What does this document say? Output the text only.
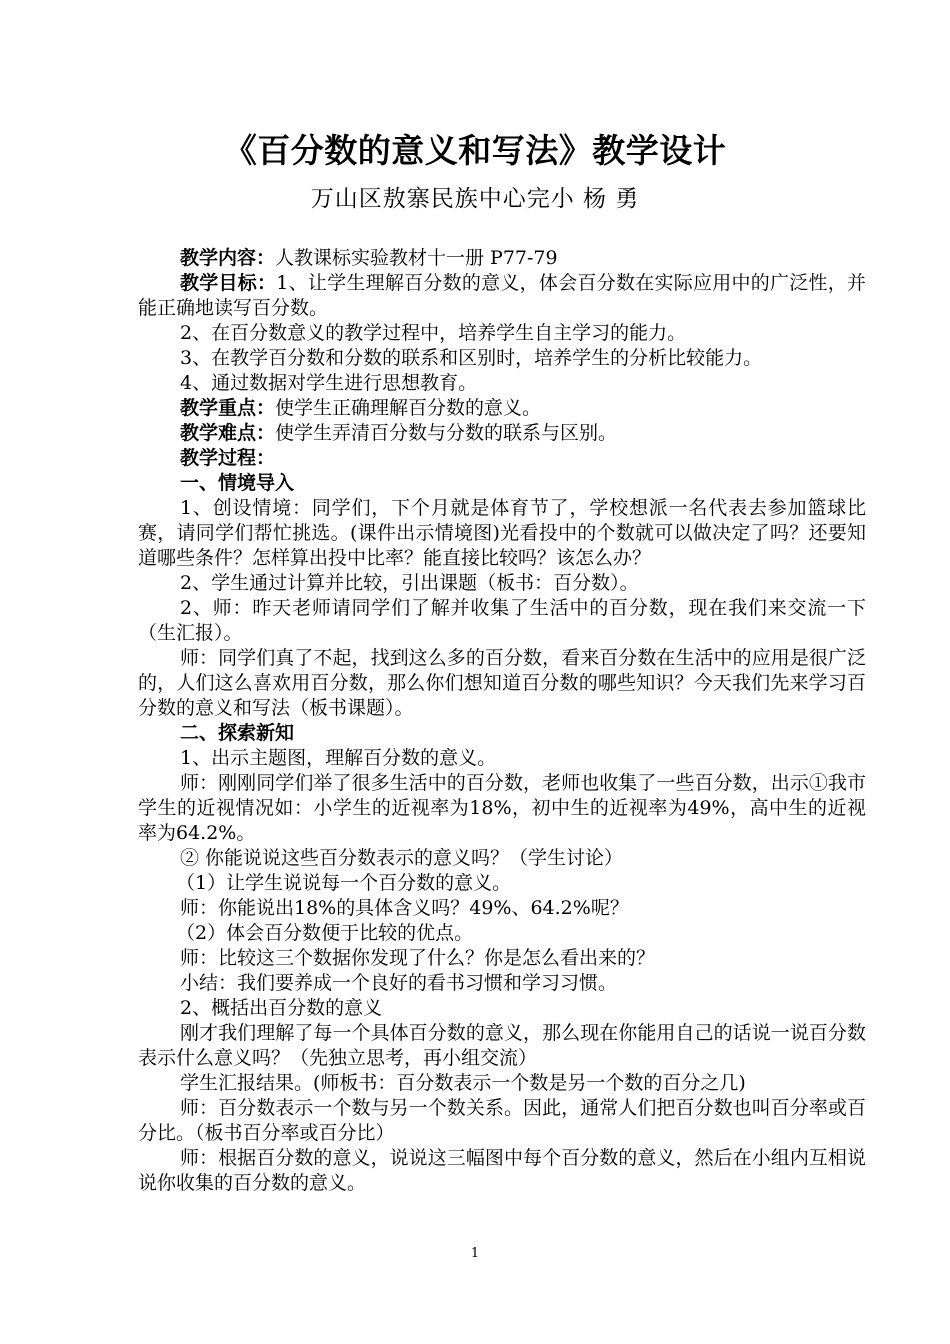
《百分数的意义和写法》教学设计
万山区敖寨民族中心完小 杨 勇
教学内容：人教课标实验教材十一册 P77-79
教学目标：1、让学生理解百分数的意义，体会百分数在实际应用中的广泛性，并能正确地读写百分数。
2、在百分数意义的教学过程中，培养学生自主学习的能力。
3、在教学百分数和分数的联系和区别时，培养学生的分析比较能力。
4、通过数据对学生进行思想教育。
教学重点：使学生正确理解百分数的意义。
教学难点：使学生弄清百分数与分数的联系与区别。
教学过程：
一、情境导入
1、创设情境：同学们，下个月就是体育节了，学校想派一名代表去参加篮球比赛，请同学们帮忙挑选。(课件出示情境图)光看投中的个数就可以做决定了吗？还要知道哪些条件？怎样算出投中比率？能直接比较吗？该怎么办？
2、学生通过计算并比较，引出课题（板书：百分数）。
2、师：昨天老师请同学们了解并收集了生活中的百分数，现在我们来交流一下（生汇报）。
师：同学们真了不起，找到这么多的百分数，看来百分数在生活中的应用是很广泛的，人们这么喜欢用百分数，那么你们想知道百分数的哪些知识？今天我们先来学习百分数的意义和写法（板书课题）。
二、探索新知
1、出示主题图，理解百分数的意义。
师：刚刚同学们举了很多生活中的百分数，老师也收集了一些百分数，出示①我市学生的近视情况如：小学生的近视率为18%，初中生的近视率为49%，高中生的近视率为64.2%。
② 你能说说这些百分数表示的意义吗？（学生讨论）
（1）让学生说说每一个百分数的意义。
师：你能说出18%的具体含义吗？49%、64.2%呢？
（2）体会百分数便于比较的优点。
师：比较这三个数据你发现了什么？你是怎么看出来的？
小结：我们要养成一个良好的看书习惯和学习习惯。
2、概括出百分数的意义
刚才我们理解了每一个具体百分数的意义，那么现在你能用自己的话说一说百分数表示什么意义吗？（先独立思考，再小组交流）
学生汇报结果。(师板书：百分数表示一个数是另一个数的百分之几)
师：百分数表示一个数与另一个数关系。因此，通常人们把百分数也叫百分率或百分比。（板书百分率或百分比）
师：根据百分数的意义，说说这三幅图中每个百分数的意义，然后在小组内互相说说你收集的百分数的意义。
1
